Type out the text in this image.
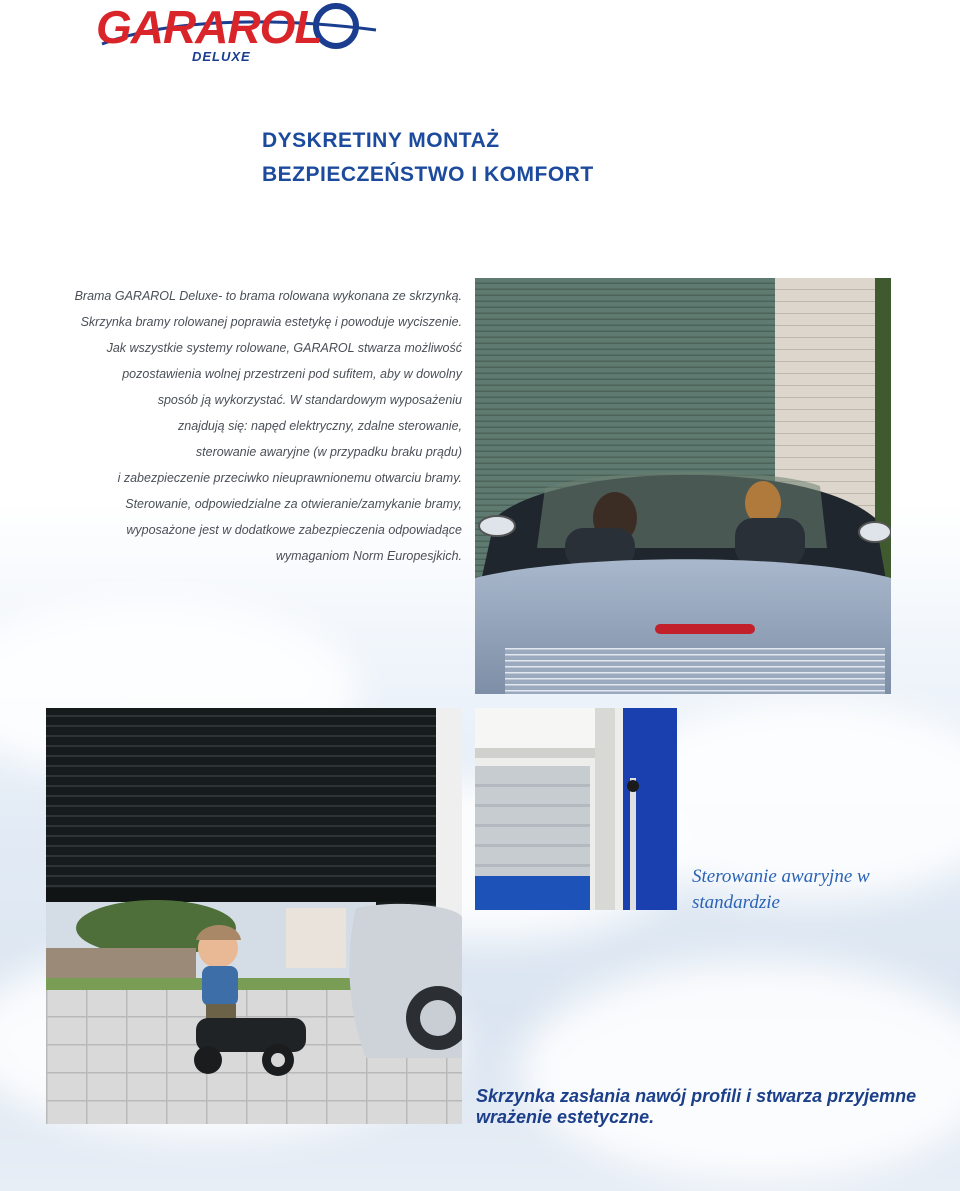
GARAROL
DELUXE
DYSKRETINY MONTAŻ
BEZPIECZEŃSTWO I KOMFORT

Brama GARAROL Deluxe- to brama rolowana wykonana ze skrzynką.

Skrzynka bramy rolowanej poprawia estetykę i powoduje wyciszenie.

Jak wszystkie systemy rolowane, GARAROL stwarza możliwość

pozostawienia wolnej przestrzeni pod sufitem, aby w dowolny

sposób ją wykorzystać. W standardowym wyposażeniu

znajdują się: napęd elektryczny, zdalne sterowanie,

sterowanie awaryjne (w przypadku braku prądu)

i zabezpieczenie przeciwko nieuprawnionemu otwarciu bramy.

Sterowanie, odpowiedzialne za otwieranie/zamykanie bramy,

wyposażone jest w dodatkowe zabezpieczenia odpowiadące

wymaganiom Norm Europesjkich.

Sterowanie awaryjne w standardzie
Skrzynka zasłania nawój profili i stwarza przyjemne wrażenie estetyczne.
